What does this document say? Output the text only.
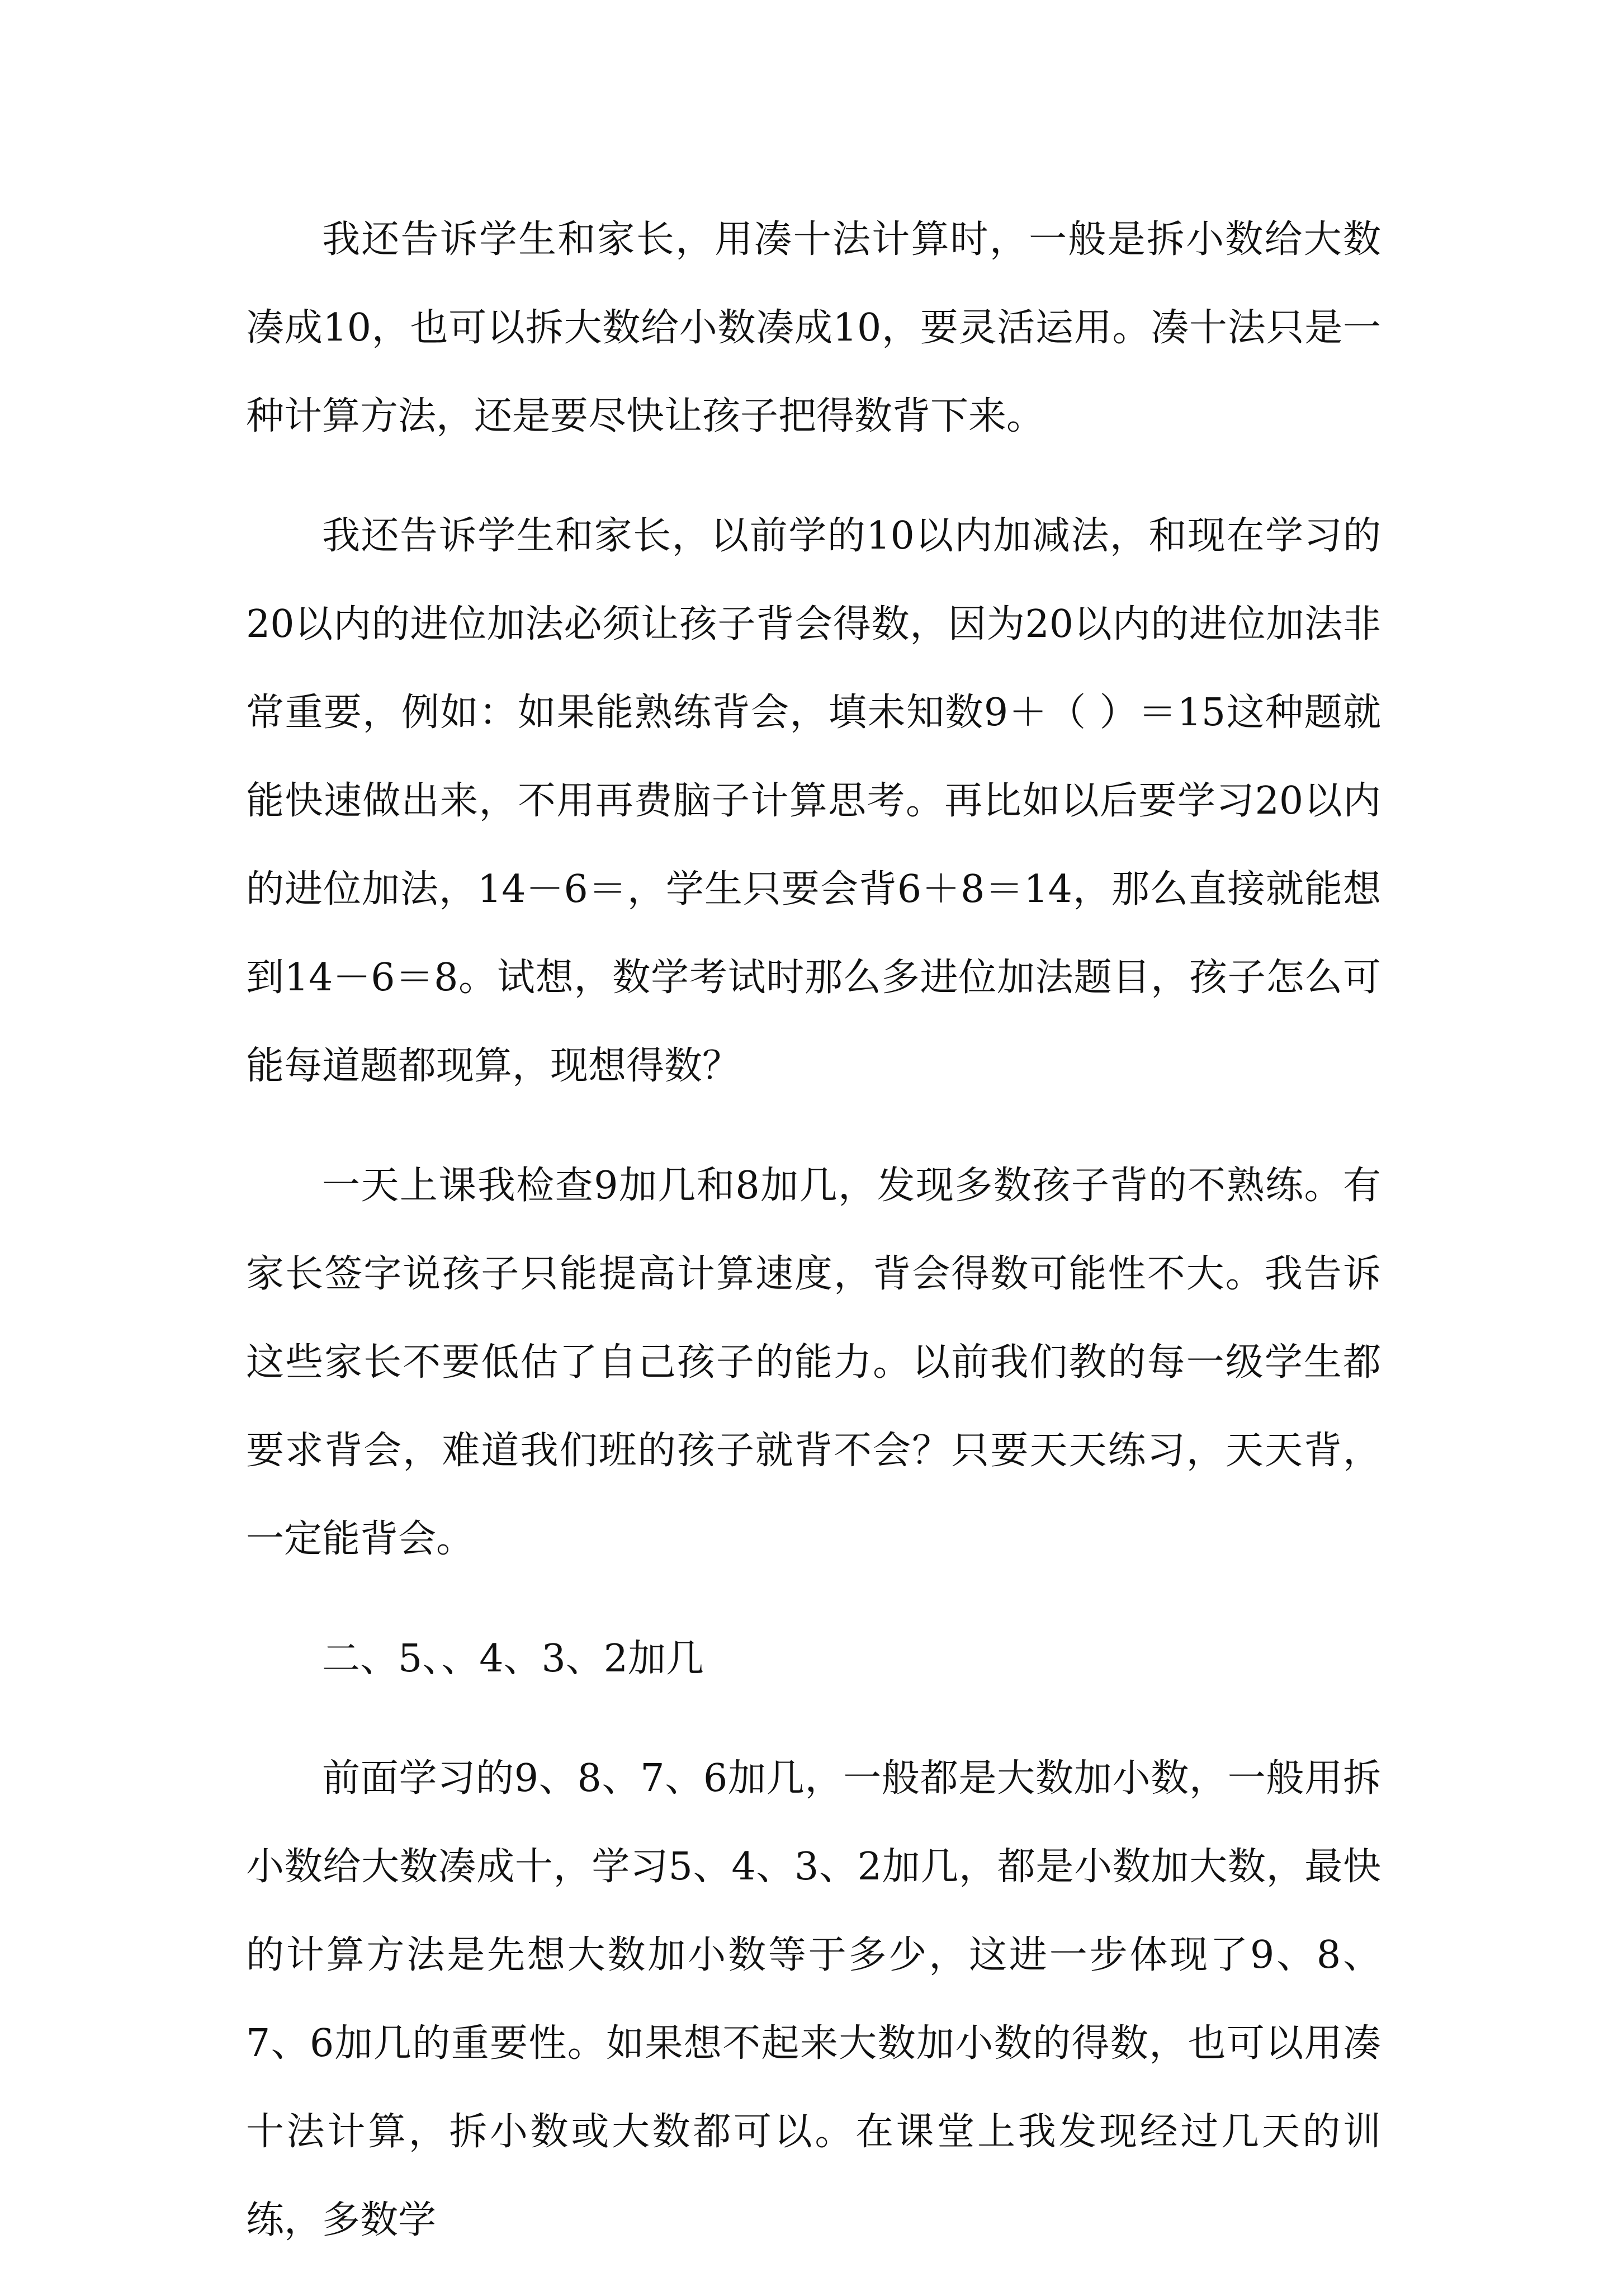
我还告诉学生和家长，用凑十法计算时，一般是拆小数给大数凑成10，也可以拆大数给小数凑成10，要灵活运用。凑十法只是一种计算方法，还是要尽快让孩子把得数背下来。

我还告诉学生和家长，以前学的10以内加减法，和现在学习的20以内的进位加法必须让孩子背会得数，因为20以内的进位加法非常重要，例如：如果能熟练背会，填未知数9＋（ ）＝15这种题就能快速做出来，不用再费脑子计算思考。再比如以后要学习20以内的进位加法，14－6＝，学生只要会背6＋8＝14，那么直接就能想到14－6＝8。试想，数学考试时那么多进位加法题目，孩子怎么可能每道题都现算，现想得数？

一天上课我检查9加几和8加几，发现多数孩子背的不熟练。有家长签字说孩子只能提高计算速度，背会得数可能性不大。我告诉这些家长不要低估了自己孩子的能力。以前我们教的每一级学生都要求背会，难道我们班的孩子就背不会？只要天天练习，天天背，一定能背会。

二、5、、4、3、2加几

前面学习的9、8、7、6加几，一般都是大数加小数，一般用拆小数给大数凑成十，学习5、4、3、2加几，都是小数加大数，最快的计算方法是先想大数加小数等于多少，这进一步体现了9、8、7、6加几的重要性。如果想不起来大数加小数的得数，也可以用凑十法计算，拆小数或大数都可以。在课堂上我发现经过几天的训练，多数学
